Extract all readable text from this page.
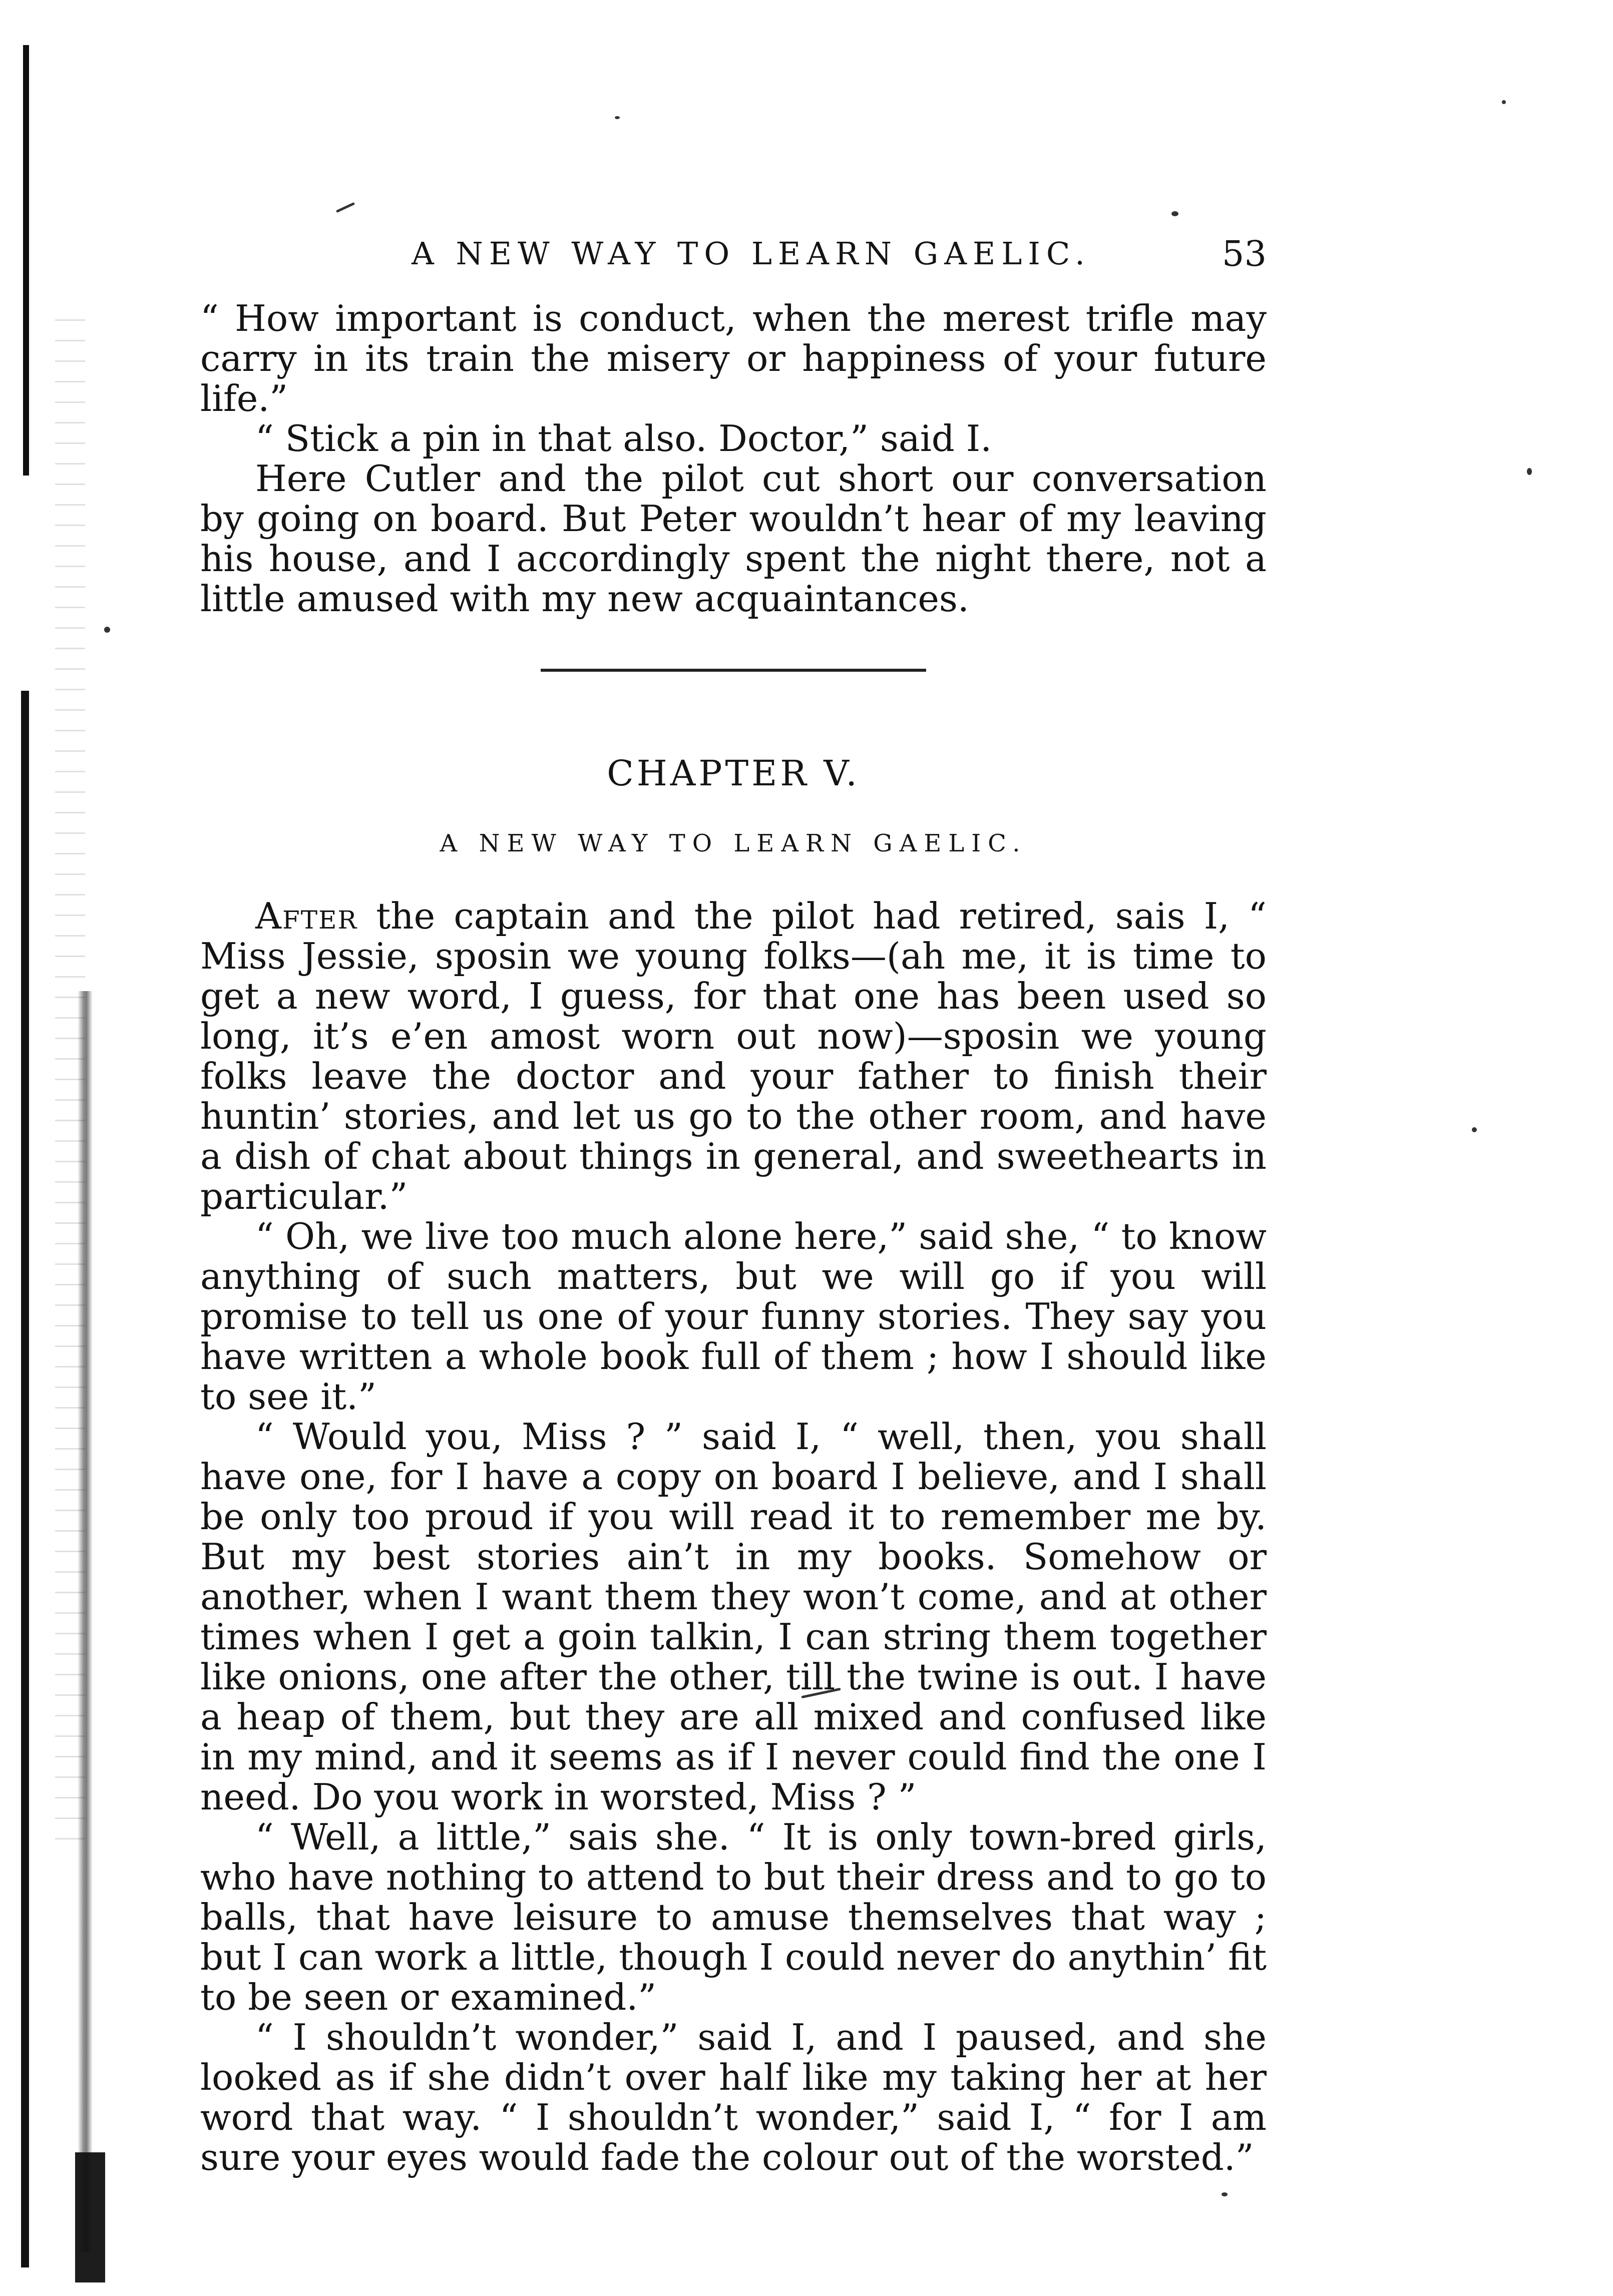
A NEW WAY TO LEARN GAELIC.	53

“ How important is conduct, when the merest trifle may carry in its train the misery or happiness of your future life.”

“ Stick a pin in that also. Doctor,” said I.

Here Cutler and the pilot cut short our conversation by going on board. But Peter wouldn’t hear of my leaving his house, and I accordingly spent the night there, not a little amused with my new acquaintances.

CHAPTER V.
A NEW WAY TO LEARN GAELIC.

After the captain and the pilot had retired, sais I, “ Miss Jessie, sposin we young folks—(ah me, it is time to get a new word, I guess, for that one has been used so long, it’s e’en amost worn out now)—sposin we young folks leave the doctor and your father to finish their huntin’ stories, and let us go to the other room, and have a dish of chat about things in general, and sweethearts in particular.”

“ Oh, we live too much alone here,” said she, “ to know anything of such matters, but we will go if you will promise to tell us one of your funny stories. They say you have written a whole book full of them ; how I should like to see it.”

“ Would you, Miss ? ” said I, “ well, then, you shall have one, for I have a copy on board I believe, and I shall be only too proud if you will read it to remember me by. But my best stories ain’t in my books. Somehow or another, when I want them they won’t come, and at other times when I get a goin talkin, I can string them together like onions, one after the other, till the twine is out. I have a heap of them, but they are all mixed and confused like in my mind, and it seems as if I never could find the one I need. Do you work in worsted, Miss ? ”

“ Well, a little,” sais she. “ It is only town-bred girls, who have nothing to attend to but their dress and to go to balls, that have leisure to amuse themselves that way ; but I can work a little, though I could never do anythin’ fit to be seen or examined.”

“ I shouldn’t wonder,” said I, and I paused, and she looked as if she didn’t over half like my taking her at her word that way. “ I shouldn’t wonder,” said I, “ for I am sure your eyes would fade the colour out of the worsted.”
